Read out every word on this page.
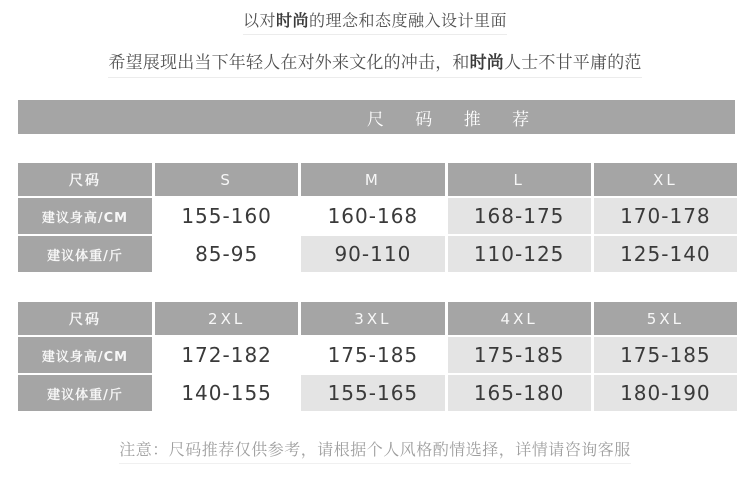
以对时尚的理念和态度融入设计里面
希望展现出当下年轻人在对外来文化的冲击，和时尚人士不甘平庸的范
尺 码 推 荐
尺码	S	M	L	XL
建议身高/CM	155-160	160-168	168-175	170-178
建议体重/斤	85-95	90-110	110-125	125-140
尺码	2XL	3XL	4XL	5XL
建议身高/CM	172-182	175-185	175-185	175-185
建议体重/斤	140-155	155-165	165-180	180-190
注意：尺码推荐仅供参考，请根据个人风格酌情选择，详情请咨询客服
